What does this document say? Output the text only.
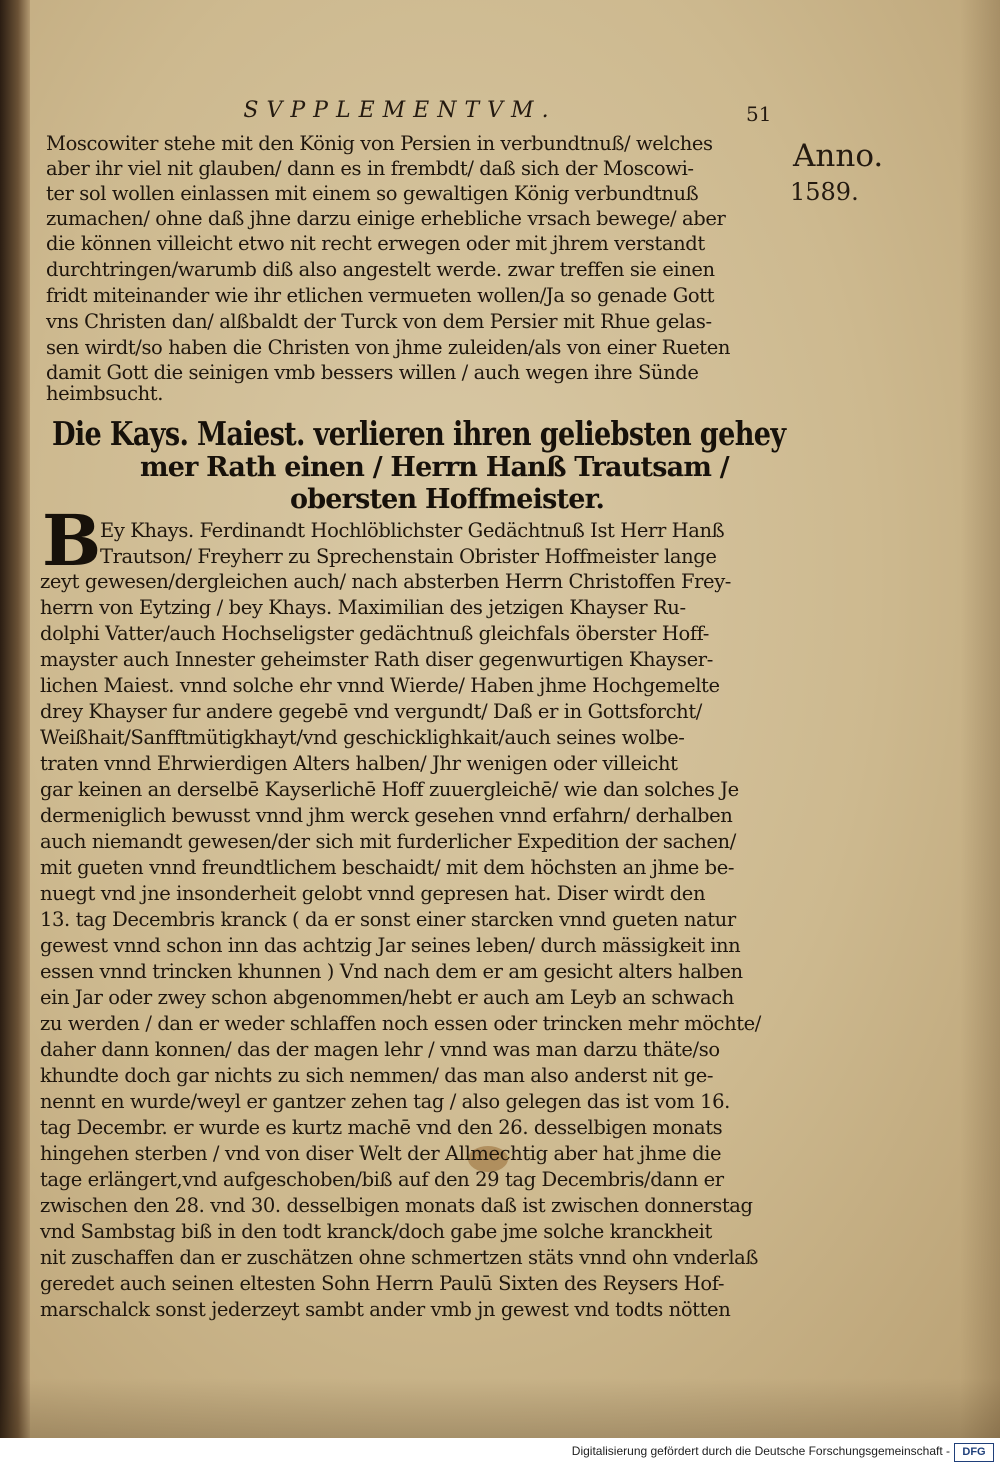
SVPPLEMENTVM.	51
Anno.
1589.
Moscowiter stehe mit den König von Persien in verbundtnuß/ welches
aber ihr viel nit glauben/ dann es in frembdt/ daß sich der Moscowi-
ter sol wollen einlassen mit einem so gewaltigen König verbundtnuß
zumachen/ ohne daß jhne darzu einige erhebliche vrsach bewege/ aber
die können villeicht etwo nit recht erwegen oder mit jhrem verstandt
durchtringen/warumb diß also angestelt werde. zwar treffen sie einen
fridt miteinander wie ihr etlichen vermueten wollen/Ja so genade Gott
vns Christen dan/ alßbaldt der Turck von dem Persier mit Rhue gelas-
sen wirdt/so haben die Christen von jhme zuleiden/als von einer Rueten
damit Gott die seinigen vmb bessers willen / auch wegen ihre Sünde
heimbsucht.
Die Kays. Maiest. verlieren ihren geliebsten gehey
mer Rath einen / Herrn Hanß Trautsam /
obersten Hoffmeister.
B
Ey Khays. Ferdinandt Hochlöblichster Gedächtnuß Ist Herr Hanß
Trautson/ Freyherr zu Sprechenstain Obrister Hoffmeister lange
zeyt gewesen/dergleichen auch/ nach absterben Herrn Christoffen Frey-
herrn von Eytzing / bey Khays. Maximilian des jetzigen Khayser Ru-
dolphi Vatter/auch Hochseligster gedächtnuß gleichfals öberster Hoff-
mayster auch Innester geheimster Rath diser gegenwurtigen Khayser-
lichen Maiest. vnnd solche ehr vnnd Wierde/ Haben jhme Hochgemelte
drey Khayser fur andere gegebē vnd vergundt/ Daß er in Gottsforcht/
Weißhait/Sanfftmütigkhayt/vnd geschicklighkait/auch seines wolbe-
traten vnnd Ehrwierdigen Alters halben/ Jhr wenigen oder villeicht
gar keinen an derselbē Kayserlichē Hoff zuuergleichē/ wie dan solches Je
dermeniglich bewusst vnnd jhm werck gesehen vnnd erfahrn/ derhalben
auch niemandt gewesen/der sich mit furderlicher Expedition der sachen/
mit gueten vnnd freundtlichem beschaidt/ mit dem höchsten an jhme be-
nuegt vnd jne insonderheit gelobt vnnd gepresen hat. Diser wirdt den
13. tag Decembris kranck ( da er sonst einer starcken vnnd gueten natur
gewest vnnd schon inn das achtzig Jar seines leben/ durch mässigkeit inn
essen vnnd trincken khunnen ) Vnd nach dem er am gesicht alters halben
ein Jar oder zwey schon abgenommen/hebt er auch am Leyb an schwach
zu werden / dan er weder schlaffen noch essen oder trincken mehr möchte/
daher dann konnen/ das der magen lehr / vnnd was man darzu thäte/so
khundte doch gar nichts zu sich nemmen/ das man also anderst nit ge-
nennt en wurde/weyl er gantzer zehen tag / also gelegen das ist vom 16.
tag Decembr. er wurde es kurtz machē vnd den 26. desselbigen monats
hingehen sterben / vnd von diser Welt der Allmechtig aber hat jhme die
tage erlängert,vnd aufgeschoben/biß auf den 29 tag Decembris/dann er
zwischen den 28. vnd 30. desselbigen monats daß ist zwischen donnerstag
vnd Sambstag biß in den todt kranck/doch gabe jme solche kranckheit
nit zuschaffen dan er zuschätzen ohne schmertzen stäts vnnd ohn vnderlaß
geredet auch seinen eltesten Sohn Herrn Paulū Sixten des Reysers Hof-
marschalck sonst jederzeyt sambt ander vmb jn gewest vnd todts nötten
Digitalisierung gefördert durch die Deutsche Forschungsgemeinschaft -	DFG
